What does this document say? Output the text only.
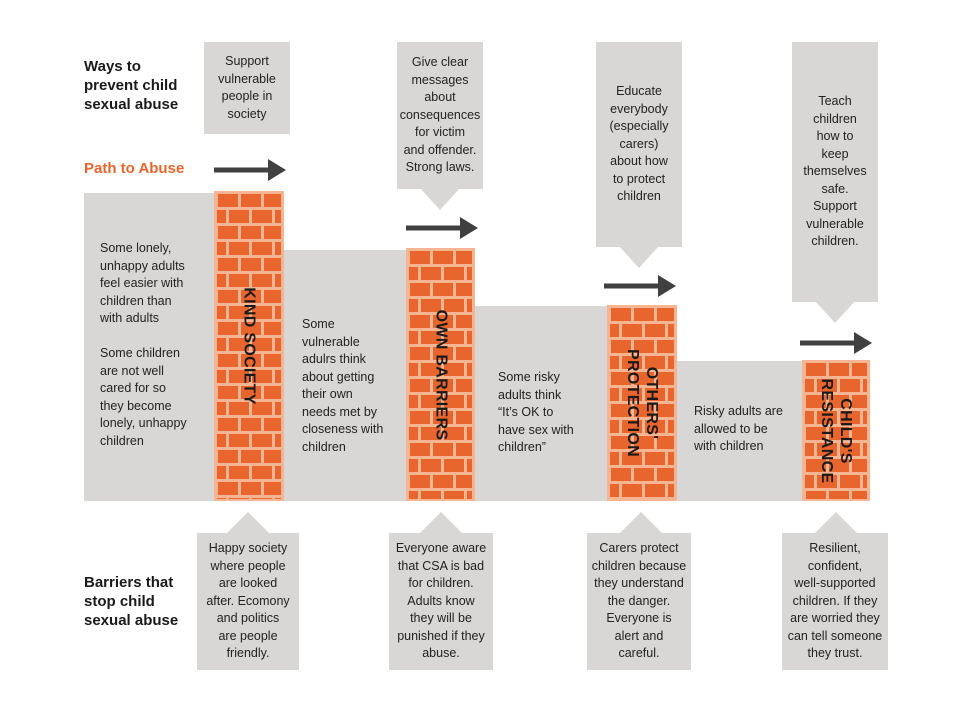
Ways to
prevent child
sexual abuse
Path to Abuse
Barriers that
stop child
sexual abuse
Some lonely,
unhappy adults
feel easier with
children than
with adults

Some children
are not well
cared for so
they become
lonely, unhappy
children
Some
vulnerable
adulrs think
about getting
their own
needs met by
closeness with
children
Some risky
adults think
“It’s OK to
have sex with
children”
Risky adults are
allowed to be
with children
KIND SOCIETY	OWN BARRIERS	OTHERS'
PROTECTION	CHILD'S
RESISTANCE
Support
vulnerable
people in
society
Give clear
messages
about
consequences
for victim
and offender.
Strong laws.
Educate
everybody
(especially
carers)
about how
to protect
children
Teach
children
how to
keep
themselves
safe.
Support
vulnerable
children.
Happy society
where people
are looked
after. Ecomony
and politics
are people
friendly.
Everyone aware
that CSA is bad
for children.
Adults know
they will be
punished if they
abuse.
Carers protect
children because
they understand
the danger.
Everyone is
alert and
careful.
Resilient,
confident,
well-supported
children. If they
are worried they
can tell someone
they trust.
